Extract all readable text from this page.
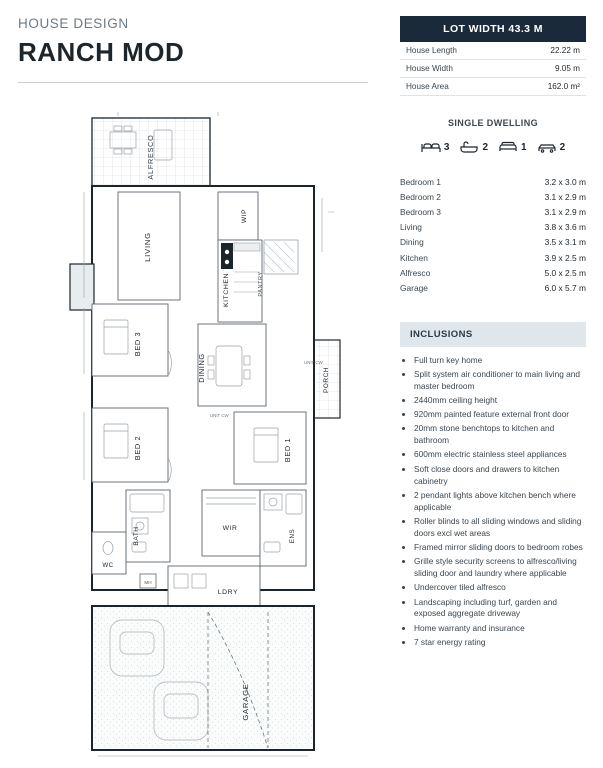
HOUSE DESIGN
RANCH MOD
LOT WIDTH 43.3 M
House Length	22.22 m
House Width	9.05 m
House Area	162.0 m²
SINGLE DWELLING
3	2	1	2
Bedroom 1	3.2 x 3.0 m
Bedroom 2	3.1 x 2.9 m
Bedroom 3	3.1 x 2.9 m
Living	3.8 x 3.6 m
Dining	3.5 x 3.1 m
Kitchen	3.9 x 2.5 m
Alfresco	5.0 x 2.5 m
Garage	6.0 x 5.7 m
INCLUSIONS
• Full turn key home
• Split system air conditioner to main living and master bedroom
• 2440mm ceiling height
• 920mm painted feature external front door
• 20mm stone benchtops to kitchen and bathroom
• 600mm electric stainless steel appliances
• Soft close doors and drawers to kitchen cabinetry
• 2 pendant lights above kitchen bench where applicable
• Roller blinds to all sliding windows and sliding doors excl wet areas
• Framed mirror sliding doors to bedroom robes
• Grille style security screens to alfresco/living sliding door and laundry where applicable
• Undercover tiled alfresco
• Landscaping including turf, garden and exposed aggregate driveway
• Home warranty and insurance
• 7 star energy rating
ALFRESCO
LIVING
WIP
KITCHEN	PANTRY
BED 3
DINING	PORCH
UNIT CW
UNIT CW
BED 2	BED 1
BATH
WC
WIR
ENS
LDRY
MH
GARAGE
